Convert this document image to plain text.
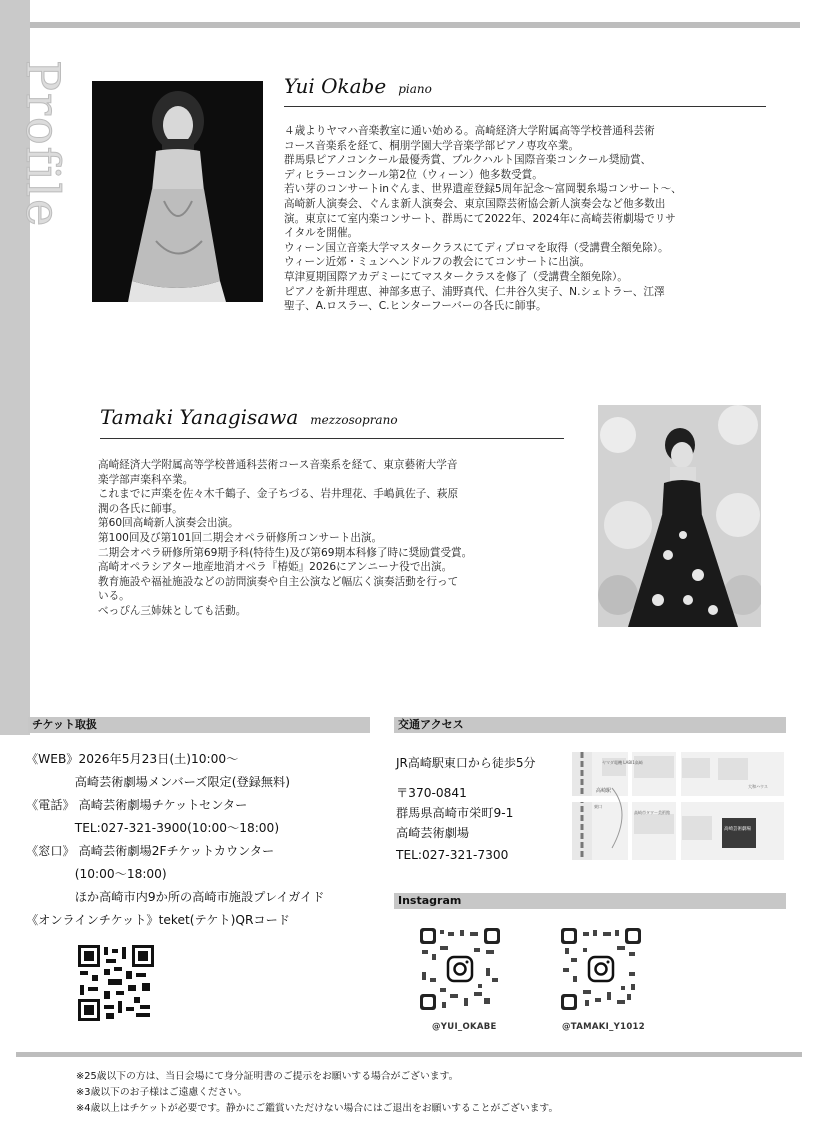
Profile	Yui Okabe piano
４歳よりヤマハ音楽教室に通い始める。高崎経済大学附属高等学校普通科芸術
コース音楽系を経て、桐朋学園大学音楽学部ピアノ専攻卒業。
群馬県ピアノコンクール最優秀賞、ブルクハルト国際音楽コンクール奨励賞、
ディヒラーコンクール第2位（ウィーン）他多数受賞。
若い芽のコンサートinぐんま、世界遺産登録5周年記念～富岡製糸場コンサート～、
高崎新人演奏会、ぐんま新人演奏会、東京国際芸術協会新人演奏会など他多数出
演。東京にて室内楽コンサート、群馬にて2022年、2024年に高崎芸術劇場でリサ
イタルを開催。
ウィーン国立音楽大学マスタークラスにてディプロマを取得（受講費全額免除）。
ウィーン近郊・ミュンヘンドルフの教会にてコンサートに出演。
草津夏期国際アカデミーにてマスタークラスを修了（受講費全額免除）。
ピアノを新井理恵、神部多恵子、浦野真代、仁井谷久実子、N.シェトラー、江澤
聖子、A.ロスラー、C.ヒンターフーバーの各氏に師事。
Tamaki Yanagisawa mezzosoprano
高崎経済大学附属高等学校普通科芸術コース音楽系を経て、東京藝術大学音
楽学部声楽科卒業。
これまでに声楽を佐々木千鶴子、金子ちづる、岩井理花、手嶋眞佐子、萩原
潤の各氏に師事。
第60回高崎新人演奏会出演。
第100回及び第101回二期会オペラ研修所コンサート出演。
二期会オペラ研修所第69期予科(特待生)及び第69期本科修了時に奨励賞受賞。
高崎オペラシアター地産地消オペラ『椿姫』2026にアンニーナ役で出演。
教育施設や福祉施設などの訪問演奏や自主公演など幅広く演奏活動を行って
いる。
べっぴん三姉妹としても活動。
チケット取扱
《WEB》2026年5月23日(土)10:00～
　　　　高崎芸術劇場メンバーズ限定(登録無料)
《電話》 高崎芸術劇場チケットセンター
　　　　TEL:027-321-3900(10:00～18:00)
《窓口》 高崎芸術劇場2Fチケットカウンター
　　　　(10:00～18:00)
　　　　ほか高崎市内9か所の高崎市施設プレイガイド
《オンラインチケット》teket(テケト)QRコード
交通アクセス
JR高崎駅東口から徒歩5分
〒370-0841
群馬県高崎市栄町9-1
高崎芸術劇場
TEL:027-321-7300
高崎駅
高崎芸術劇場
ヤマダ電機 LABI1高崎
高崎市タワー美術館
大和ハウス
東口
Instagram
@YUI_OKABE	@TAMAKI_Y1012
※25歳以下の方は、当日会場にて身分証明書のご提示をお願いする場合がございます。
※3歳以下のお子様はご遠慮ください。
※4歳以上はチケットが必要です。静かにご鑑賞いただけない場合にはご退出をお願いすることがございます。
